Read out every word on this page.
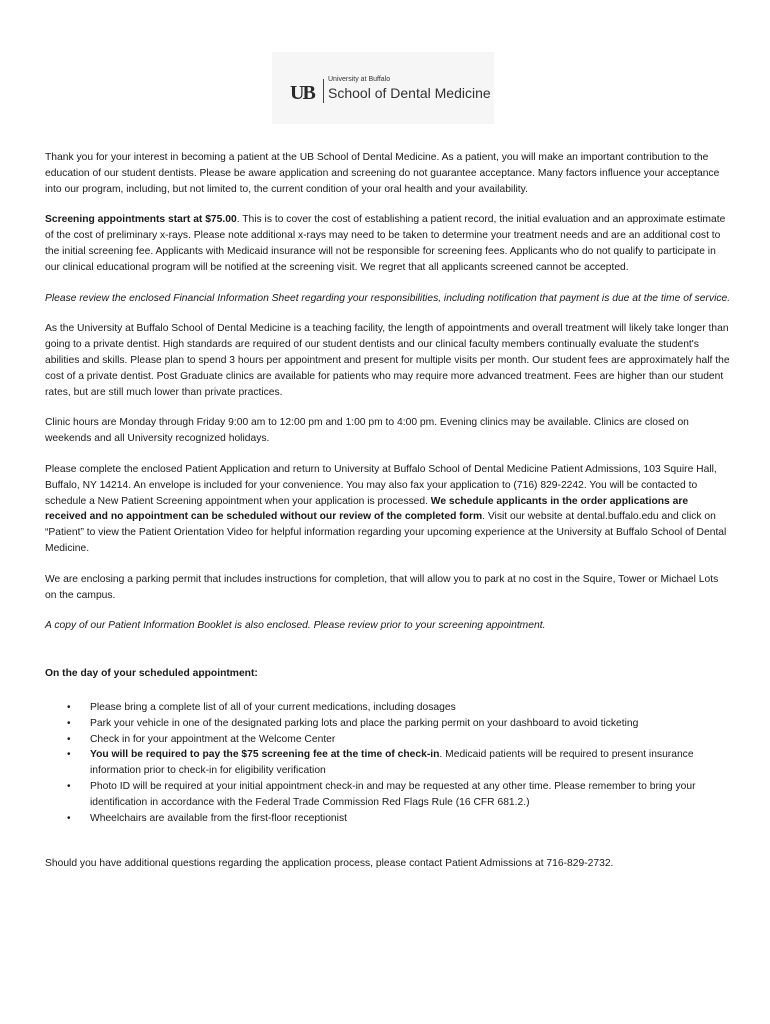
UB
University at Buffalo
School of Dental Medicine

Thank you for your interest in becoming a patient at the UB School of Dental Medicine. As a patient, you will make an important contribution to the education of our student dentists. Please be aware application and screening do not guarantee acceptance. Many factors influence your acceptance into our program, including, but not limited to, the current condition of your oral health and your availability.

Screening appointments start at $75.00. This is to cover the cost of establishing a patient record, the initial evaluation and an approximate estimate of the cost of preliminary x-rays. Please note additional x-rays may need to be taken to determine your treatment needs and are an additional cost to the initial screening fee. Applicants with Medicaid insurance will not be responsible for screening fees. Applicants who do not qualify to participate in our clinical educational program will be notified at the screening visit. We regret that all applicants screened cannot be accepted.

Please review the enclosed Financial Information Sheet regarding your responsibilities, including notification that payment is due at the time of service.

As the University at Buffalo School of Dental Medicine is a teaching facility, the length of appointments and overall treatment will likely take longer than going to a private dentist. High standards are required of our student dentists and our clinical faculty members continually evaluate the student's abilities and skills. Please plan to spend 3 hours per appointment and present for multiple visits per month. Our student fees are approximately half the cost of a private dentist. Post Graduate clinics are available for patients who may require more advanced treatment. Fees are higher than our student rates, but are still much lower than private practices.

Clinic hours are Monday through Friday 9:00 am to 12:00 pm and 1:00 pm to 4:00 pm. Evening clinics may be available. Clinics are closed on weekends and all University recognized holidays.

Please complete the enclosed Patient Application and return to University at Buffalo School of Dental Medicine Patient Admissions, 103 Squire Hall, Buffalo, NY 14214. An envelope is included for your convenience. You may also fax your application to (716) 829-2242. You will be contacted to schedule a New Patient Screening appointment when your application is processed. We schedule applicants in the order applications are received and no appointment can be scheduled without our review of the completed form. Visit our website at dental.buffalo.edu and click on “Patient” to view the Patient Orientation Video for helpful information regarding your upcoming experience at the University at Buffalo School of Dental Medicine.

We are enclosing a parking permit that includes instructions for completion, that will allow you to park at no cost in the Squire, Tower or Michael Lots on the campus.

A copy of our Patient Information Booklet is also enclosed. Please review prior to your screening appointment.

On the day of your scheduled appointment:

• Please bring a complete list of all of your current medications, including dosages
• Park your vehicle in one of the designated parking lots and place the parking permit on your dashboard to avoid ticketing
• Check in for your appointment at the Welcome Center
• You will be required to pay the $75 screening fee at the time of check-in. Medicaid patients will be required to present insurance information prior to check-in for eligibility verification
• Photo ID will be required at your initial appointment check-in and may be requested at any other time. Please remember to bring your identification in accordance with the Federal Trade Commission Red Flags Rule (16 CFR 681.2.)
• Wheelchairs are available from the first-floor receptionist

Should you have additional questions regarding the application process, please contact Patient Admissions at 716-829-2732.
